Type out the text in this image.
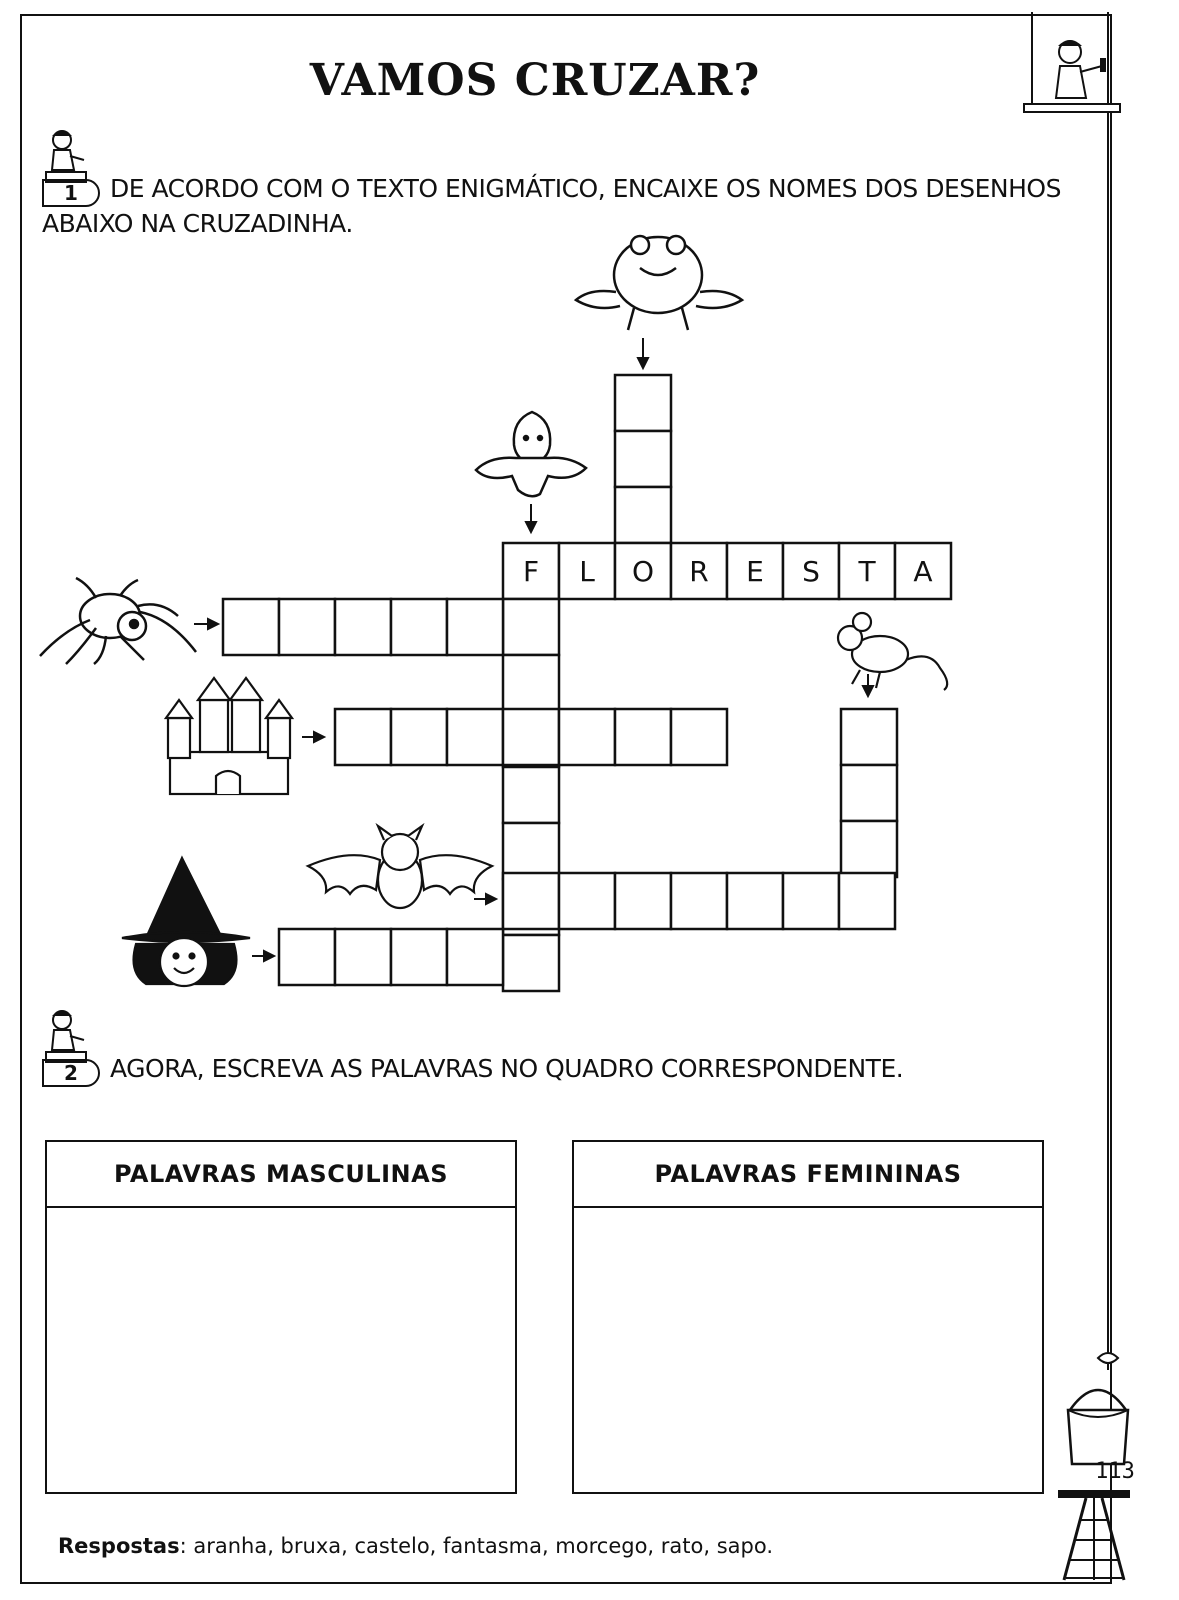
VAMOS CRUZAR?
1 DE ACORDO COM O TEXTO ENIGMÁTICO, ENCAIXE OS NOMES DOS DESENHOS ABAIXO NA CRUZADINHA.
F L O R E S T A
2 AGORA, ESCREVA AS PALAVRAS NO QUADRO CORRESPONDENTE.
PALAVRAS MASCULINAS	PALAVRAS FEMININAS
Respostas: aranha, bruxa, castelo, fantasma, morcego, rato, sapo.
113
